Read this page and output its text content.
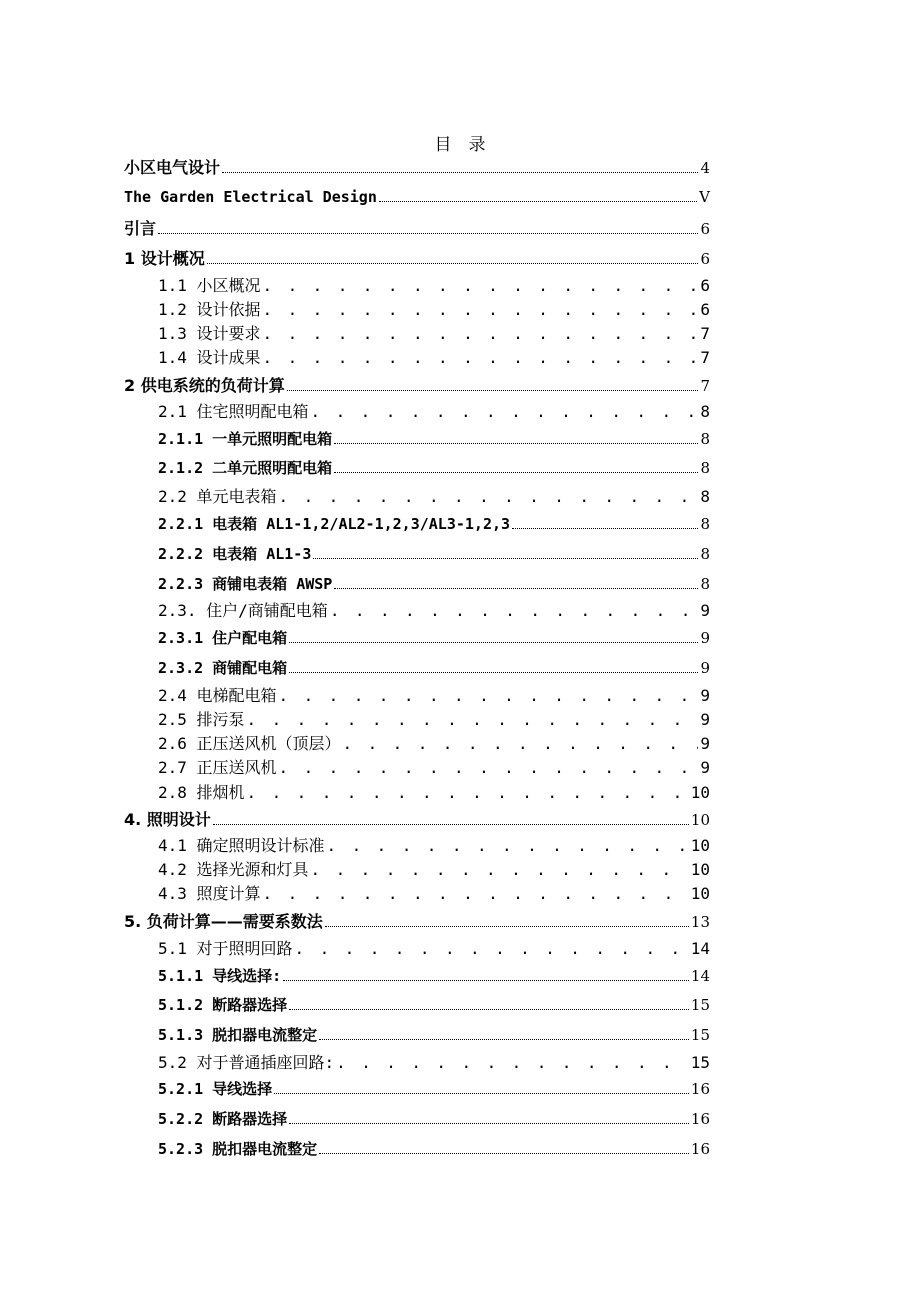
目　录
小区电气设计	4
The Garden Electrical Design	V
引言	6
1 设计概况	6
1.1 小区概况 . . .	6
1.2 设计依据 . . .	6
1.3 设计要求 . . .	7
1.4 设计成果 . . .	7
2 供电系统的负荷计算	7
2.1 住宅照明配电箱 . . .	8
2.1.1 一单元照明配电箱	8
2.1.2 二单元照明配电箱	8
2.2 单元电表箱 . . .	8
2.2.1 电表箱 AL1-1,2/AL2-1,2,3/AL3-1,2,3	8
2.2.2 电表箱 AL1-3	8
2.2.3 商铺电表箱 AWSP	8
2.3. 住户/商铺配电箱 . . .	9
2.3.1 住户配电箱	9
2.3.2 商铺配电箱	9
2.4 电梯配电箱 . . .	9
2.5 排污泵 . . .	9
2.6 正压送风机（顶层） . . .	9
2.7 正压送风机 . . .	9
2.8 排烟机 . . .	10
4. 照明设计	10
4.1 确定照明设计标准 . . .	10
4.2 选择光源和灯具 . . .	10
4.3 照度计算 . . .	10
5. 负荷计算——需要系数法	13
5.1 对于照明回路 . . .	14
5.1.1 导线选择:	14
5.1.2 断路器选择	15
5.1.3 脱扣器电流整定	15
5.2 对于普通插座回路: . . .	15
5.2.1 导线选择	16
5.2.2 断路器选择	16
5.2.3 脱扣器电流整定	16
